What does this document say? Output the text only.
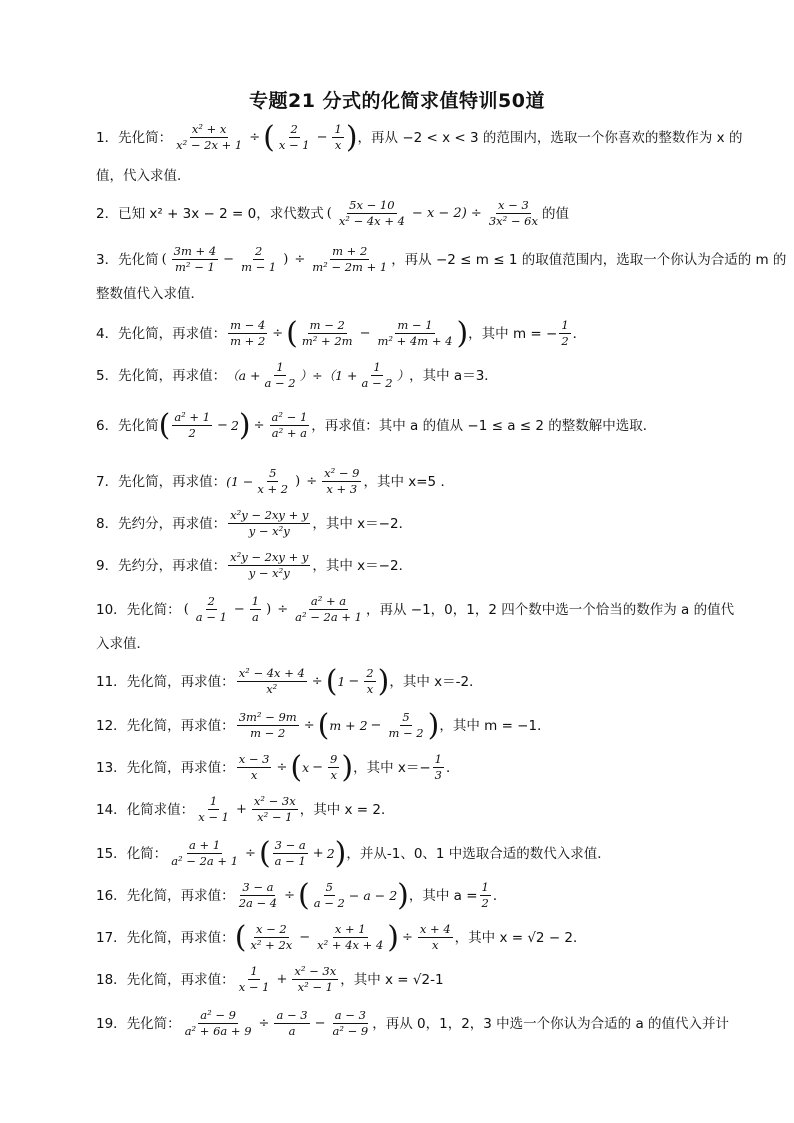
专题21 分式的化简求值特训50道
1． 先化简： $\frac{\text{x² + x}}{\text{x² − 2x + 1}}$ ÷ ( $\frac{2}{x - 1} - \frac{1}{x}$ ) ，再从 −2 < x < 3 的范围内，选取一个你喜欢的整数作为 x 的
值，代入求值．
2． 已知 x² + 3x − 2 = 0，求代数式 ( $\frac{5x - 10}{\text{x² − 4x + 4}} - x - 2) \div \frac{x - 3}{\text{3x² − 6x}}$ 的值
3． 先化简 ( $\frac{3m + 4}{\text{m² − 1}} - \frac{2}{m - 1}$ ) ÷ $\frac{m + 2}{\text{m² − 2m + 1}}$ ，再从 −2 ≤ m ≤ 1 的取值范围内，选取一个你认为合适的 m 的
整数值代入求值．
4． 先化简，再求值： $\frac{m - 4}{m + 2}$ ÷ ( $\frac{m - 2}{\text{m² + 2m}} - \frac{m - 1}{\text{m² + 4m + 4}}$ ) ，其中 m = − $\frac{1}{2}$ ．
5． 先化简，再求值： $(a + \frac{1}{a - 2} )\div(1 + \frac{1}{a - 2}$ ） ，其中 a＝3．
6． 先化简 ( $\frac{\text{a² + 1}}{2} - 2$ ) ÷ $\frac{\text{a² − 1}}{\text{a² + a}}$ ，再求值：其中 a 的值从 −1 ≤ a ≤ 2 的整数解中选取．
7． 先化简，再求值： ($1 - \frac{5}{x + 2}$ ) ÷ $\frac{\text{x² − 9}}{x + 3}$ ，其中 x=5 ．
8． 先约分，再求值： $\frac{\text{x²y − 2xy + y}}{\text{y − x²y}}$ ，其中 x＝−2．
9． 先约分，再求值： $\frac{\text{x²y − 2xy + y}}{\text{y − x²y}}$ ，其中 x＝−2．
10． 先化简： ( $\frac{2}{a - 1} - \frac{1}{a}$ ) ÷ $\frac{\text{a² + a}}{\text{a² − 2a + 1}}$ ，再从 −1，0，1，2 四个数中选一个恰当的数作为 a 的值代
入求值．
11． 先化简，再求值： $\frac{\text{x² − 4x + 4}}{\text{x²}}$ ÷ ( $1 - \frac{2}{x}$ ) ，其中 x＝-2．
12． 先化简，再求值： $\frac{\text{3m² − 9m}}{m - 2}$ ÷ ( $m + 2 - \frac{5}{m - 2}$ ) ，其中 m = −1．
13． 先化简，再求值： $\frac{x - 3}{x}$ ÷ ( $x - \frac{9}{x}$ ) ，其中 $x=- \frac{1}{3}$ ．
14． 化简求值： $\frac{1}{x - 1} + \frac{\text{x² − 3x}}{\text{x² − 1}}$ ，其中 x = 2．
15． 化简： $\frac{a + 1}{\text{a² − 2a + 1}}$ ÷ ( $\frac{3 - a}{a - 1} + 2$ ) ，并从-1、0、1 中选取合适的数代入求值．
16． 先化简，再求值： $\frac{3 - a}{2a - 4}$ ÷ ( $\frac{5}{a - 2} - a - 2$ ) ，其中 $a = \frac{1}{2}$ ．
17． 先化简，再求值： ( $\frac{x - 2}{\text{x² + 2x}} - \frac{x + 1}{\text{x² + 4x + 4}}$ ) ÷ $\frac{x + 4}{x}$ ，其中 x = √2 − 2．
18． 先化简，再求值： $\frac{1}{x - 1} + \frac{\text{x² − 3x}}{\text{x² − 1}}$ ，其中 x = √2-1
19． 先化简： $\frac{\text{a² − 9}}{\text{a² + 6a + 9}} \div \frac{a - 3}{a} - \frac{a - 3}{\text{a² − 9}}$ ，再从 0，1，2，3 中选一个你认为合适的 a 的值代入并计
